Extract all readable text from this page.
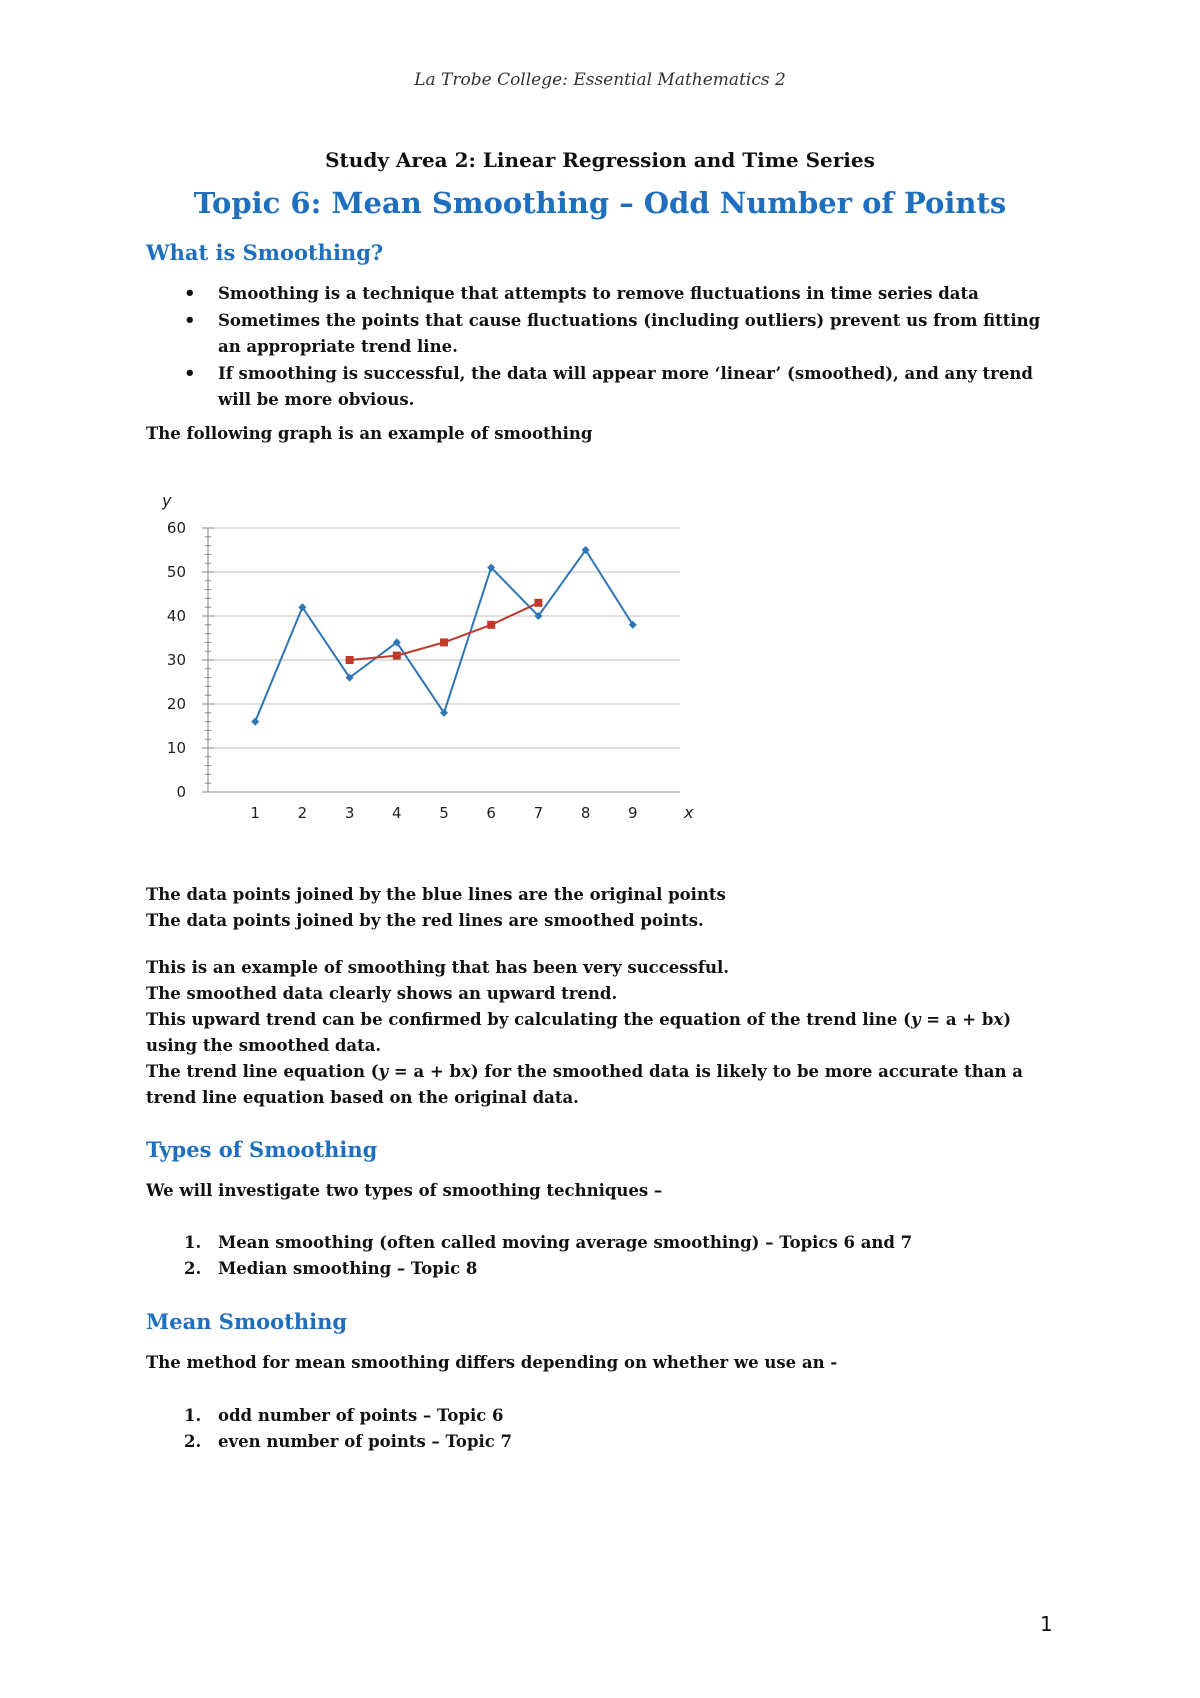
La Trobe College: Essential Mathematics 2
Study Area 2: Linear Regression and Time Series
Topic 6: Mean Smoothing – Odd Number of Points
What is Smoothing?
• Smoothing is a technique that attempts to remove fluctuations in time series data
• Sometimes the points that cause fluctuations (including outliers) prevent us from fitting an appropriate trend line.
• If smoothing is successful, the data will appear more ‘linear’ (smoothed), and any trend will be more obvious.
The following graph is an example of smoothing
0
10
20
30
40
50
60
1	2	3	4	5	6	7	8	9
y
x

The data points joined by the blue lines are the original points

The data points joined by the red lines are smoothed points.

This is an example of smoothing that has been very successful.

The smoothed data clearly shows an upward trend.

This upward trend can be confirmed by calculating the equation of the trend line (y = a + bx)

using the smoothed data.

The trend line equation (y = a + bx) for the smoothed data is likely to be more accurate than a

trend line equation based on the original data.

Types of Smoothing
We will investigate two types of smoothing techniques –
1. Mean smoothing (often called moving average smoothing) – Topics 6 and 7
2. Median smoothing – Topic 8
Mean Smoothing
The method for mean smoothing differs depending on whether we use an -
1. odd number of points – Topic 6
2. even number of points – Topic 7
1
